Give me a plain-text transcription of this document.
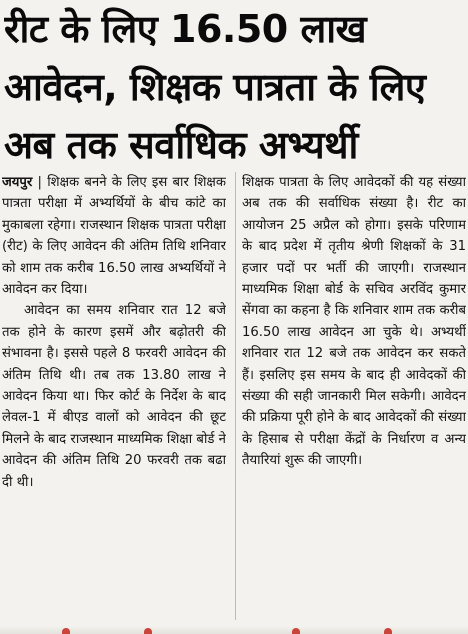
रीट के लिए 16.50 लाख
आवेदन, शिक्षक पात्रता के लिए
अब तक सर्वाधिक अभ्यर्थी

जयपुर | शिक्षक बनने के लिए इस बार शिक्षक पात्रता परीक्षा में अभ्यर्थियों के बीच कांटे का मुकाबला रहेगा। राजस्थान शिक्षक पात्रता परीक्षा (रीट) के लिए आवेदन की अंतिम तिथि शनिवार को शाम तक करीब 16.50 लाख अभ्यर्थियों ने आवेदन कर दिया।

आवेदन का समय शनिवार रात 12 बजे तक होने के कारण इसमें और बढ़ोतरी की संभावना है। इससे पहले 8 फरवरी आवेदन की अंतिम तिथि थी। तब तक 13.80 लाख ने आवेदन किया था। फिर कोर्ट के निर्देश के बाद लेवल-1 में बीएड वालों को आवेदन की छूट मिलने के बाद राजस्थान माध्यमिक शिक्षा बोर्ड ने आवेदन की अंतिम तिथि 20 फरवरी तक बढा दी थी।

शिक्षक पात्रता के लिए आवेदकों की यह संख्या अब तक की सर्वाधिक संख्या है। रीट का आयोजन 25 अप्रैल को होगा। इसके परिणाम के बाद प्रदेश में तृतीय श्रेणी शिक्षकों के 31 हजार पदों पर भर्ती की जाएगी। राजस्थान माध्यमिक शिक्षा बोर्ड के सचिव अरविंद कुमार सेंगवा का कहना है कि शनिवार शाम तक करीब 16.50 लाख आवेदन आ चुके थे। अभ्यर्थी शनिवार रात 12 बजे तक आवेदन कर सकते हैं। इसलिए इस समय के बाद ही आवेदकों की संख्या की सही जानकारी मिल सकेगी। आवेदन की प्रक्रिया पूरी होने के बाद आवेदकों की संख्या के हिसाब से परीक्षा केंद्रों के निर्धारण व अन्य तैयारियां शुरू की जाएगी।
